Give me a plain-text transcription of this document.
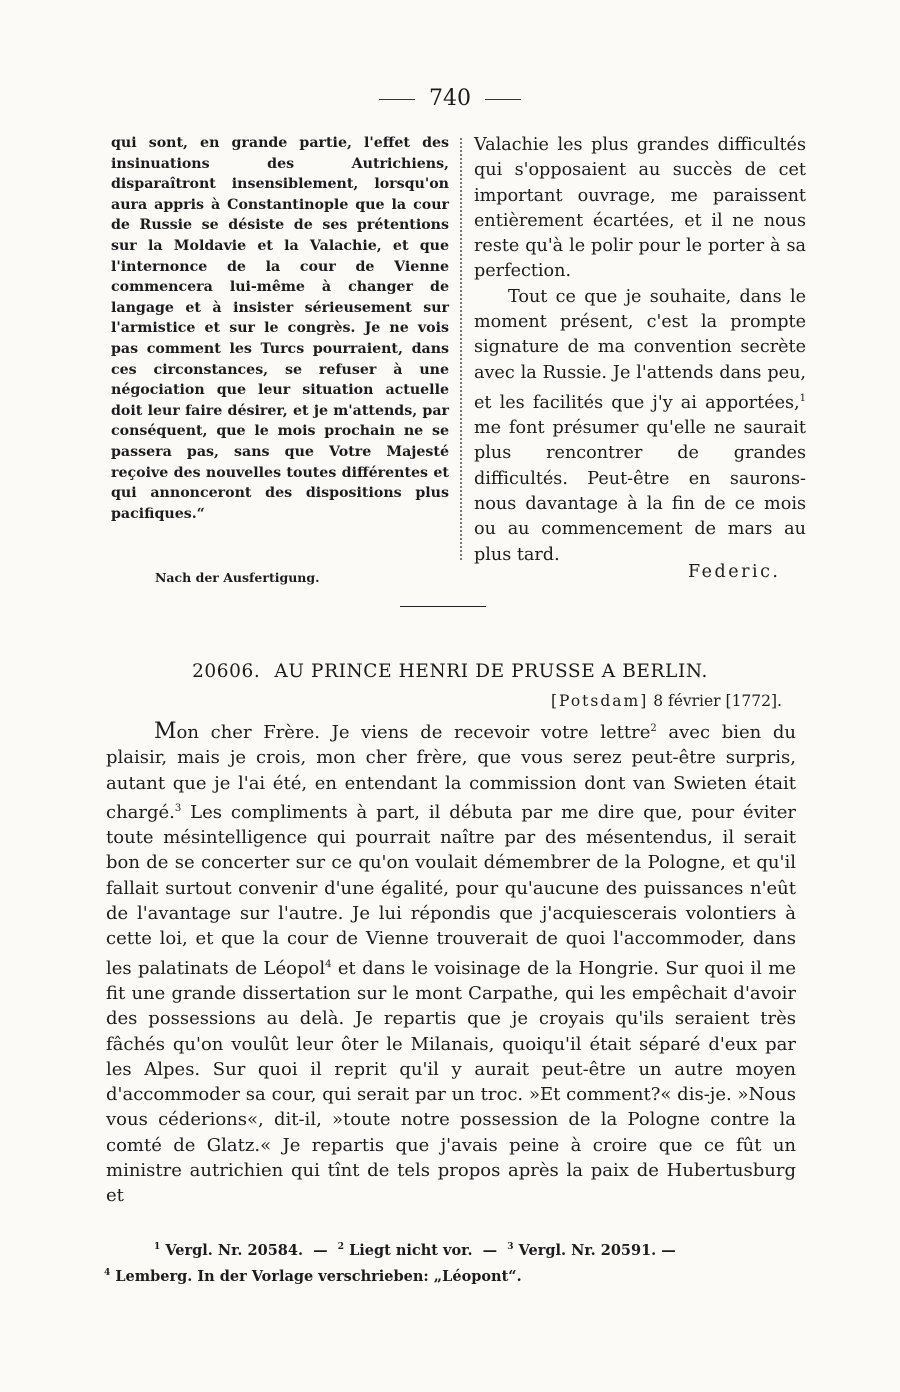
740

qui sont, en grande partie, l'effet des insinuations des Autrichiens, disparaîtront insensiblement, lorsqu'on aura appris à Constantinople que la cour de Russie se désiste de ses prétentions sur la Moldavie et la Valachie, et que l'internonce de la cour de Vienne commencera lui-même à changer de langage et à insister sérieusement sur l'armistice et sur le congrès. Je ne vois pas comment les Turcs pourraient, dans ces circonstances, se refuser à une négociation que leur situation actuelle doit leur faire désirer, et je m'attends, par conséquent, que le mois prochain ne se passera pas, sans que Votre Majesté reçoive des nouvelles toutes différentes et qui annonceront des dispositions plus pacifiques.“

Valachie les plus grandes difficultés qui s'opposaient au succès de cet important ouvrage, me paraissent entièrement écartées, et il ne nous reste qu'à le polir pour le porter à sa perfection.

Tout ce que je souhaite, dans le moment présent, c'est la prompte signature de ma convention secrète avec la Russie. Je l'attends dans peu, et les facilités que j'y ai apportées,$^1$ me font présumer qu'elle ne saurait plus rencontrer de grandes difficultés. Peut-être en saurons-nous davantage à la fin de ce mois ou au commencement de mars au plus tard.

Nach der Ausfertigung.	Federic.
20606. AU PRINCE HENRI DE PRUSSE A BERLIN.
[Potsdam] 8 février [1772].

Mon cher Frère. Je viens de recevoir votre lettre$^2$ avec bien du plaisir, mais je crois, mon cher frère, que vous serez peut-être surpris, autant que je l'ai été, en entendant la commission dont van Swieten était chargé.$^3$ Les compliments à part, il débuta par me dire que, pour éviter toute mésintelligence qui pourrait naître par des mésentendus, il serait bon de se concerter sur ce qu'on voulait démembrer de la Pologne, et qu'il fallait surtout convenir d'une égalité, pour qu'aucune des puissances n'eût de l'avantage sur l'autre. Je lui répondis que j'acquiescerais volontiers à cette loi, et que la cour de Vienne trouverait de quoi l'accommoder, dans les palatinats de Léopol$^4$ et dans le voisinage de la Hongrie. Sur quoi il me fit une grande dissertation sur le mont Carpathe, qui les empêchait d'avoir des possessions au delà. Je repartis que je croyais qu'ils seraient très fâchés qu'on voulût leur ôter le Milanais, quoiqu'il était séparé d'eux par les Alpes. Sur quoi il reprit qu'il y aurait peut-être un autre moyen d'accommoder sa cour, qui serait par un troc. »Et comment?« dis-je. »Nous vous céderions«, dit-il, »toute notre possession de la Pologne contre la comté de Glatz.« Je repartis que j'avais peine à croire que ce fût un ministre autrichien qui tînt de tels propos après la paix de Hubertusburg et

$^1$ Vergl. Nr. 20584. — $^2$ Liegt nicht vor. — $^3$ Vergl. Nr. 20591. —

$^4$ Lemberg. In der Vorlage verschrieben: „Léopont“.
